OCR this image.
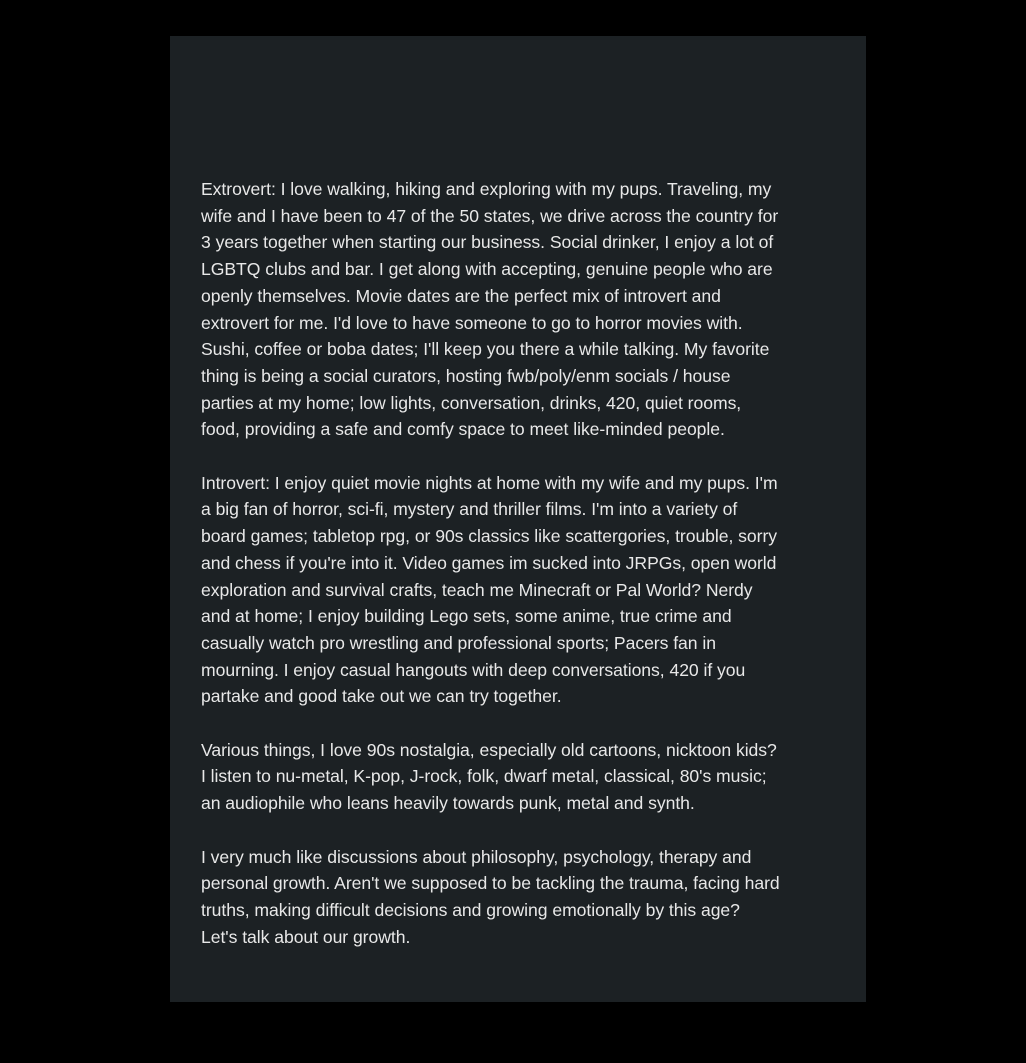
Extrovert: I love walking, hiking and exploring with my pups. Traveling, my
wife and I have been to 47 of the 50 states, we drive across the country for
3 years together when starting our business. Social drinker, I enjoy a lot of
LGBTQ clubs and bar. I get along with accepting, genuine people who are
openly themselves. Movie dates are the perfect mix of introvert and
extrovert for me. I'd love to have someone to go to horror movies with.
Sushi, coffee or boba dates; I'll keep you there a while talking. My favorite
thing is being a social curators, hosting fwb/poly/enm socials / house
parties at my home; low lights, conversation, drinks, 420, quiet rooms,
food, providing a safe and comfy space to meet like-minded people.

Introvert: I enjoy quiet movie nights at home with my wife and my pups. I'm
a big fan of horror, sci-fi, mystery and thriller films. I'm into a variety of
board games; tabletop rpg, or 90s classics like scattergories, trouble, sorry
and chess if you're into it. Video games im sucked into JRPGs, open world
exploration and survival crafts, teach me Minecraft or Pal World? Nerdy
and at home; I enjoy building Lego sets, some anime, true crime and
casually watch pro wrestling and professional sports; Pacers fan in
mourning. I enjoy casual hangouts with deep conversations, 420 if you
partake and good take out we can try together.

Various things, I love 90s nostalgia, especially old cartoons, nicktoon kids?
I listen to nu-metal, K-pop, J-rock, folk, dwarf metal, classical, 80's music;
an audiophile who leans heavily towards punk, metal and synth.

I very much like discussions about philosophy, psychology, therapy and
personal growth. Aren't we supposed to be tackling the trauma, facing hard
truths, making difficult decisions and growing emotionally by this age?
Let's talk about our growth.
